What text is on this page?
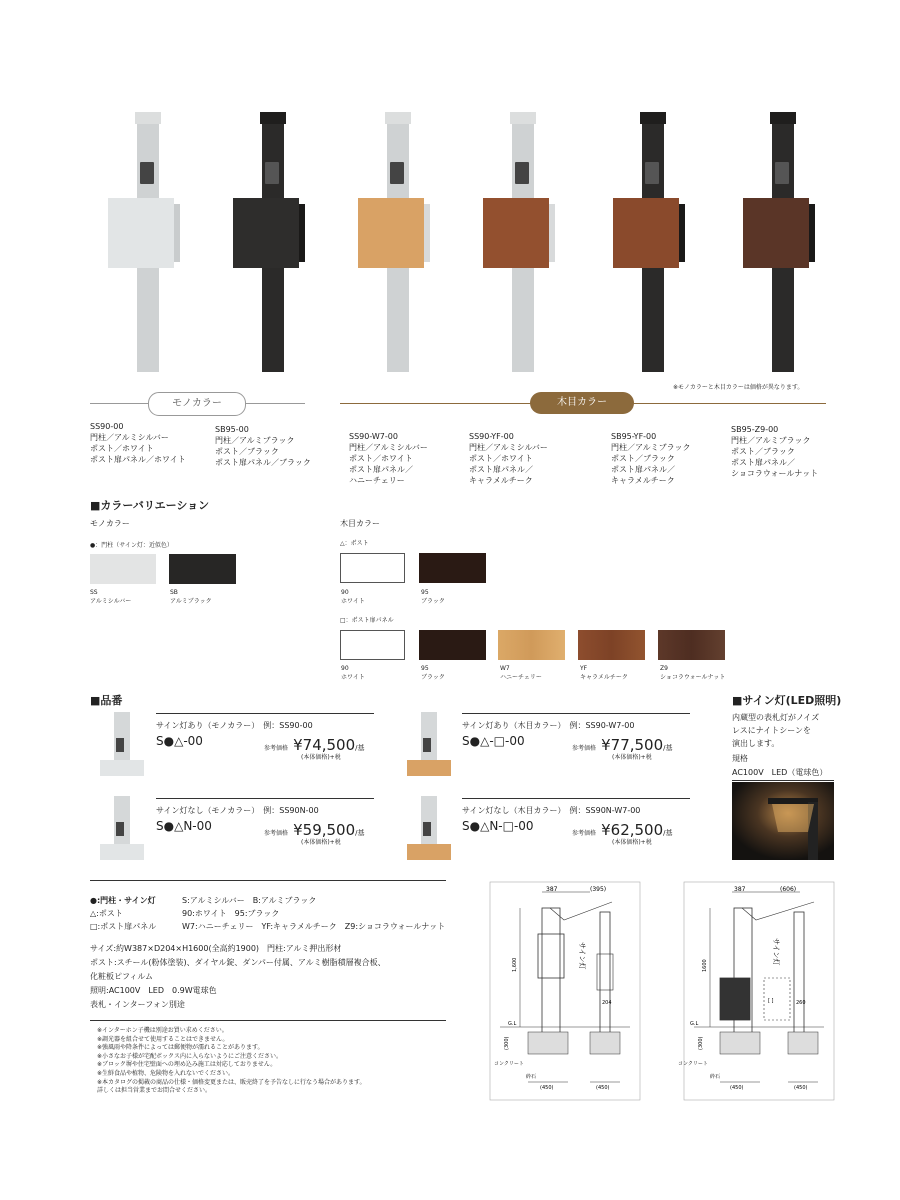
※モノカラーと木目カラーは価格が異なります。
モノカラー	木目カラー
SS90-00
門柱／アルミシルバー
ポスト／ホワイト
ポスト扉パネル／ホワイト
SB95-00
門柱／アルミブラック
ポスト／ブラック
ポスト扉パネル／ブラック
SS90-W7-00
門柱／アルミシルバー
ポスト／ホワイト
ポスト扉パネル／
ハニーチェリー
SS90-YF-00
門柱／アルミシルバー
ポスト／ホワイト
ポスト扉パネル／
キャラメルチーク
SB95-YF-00
門柱／アルミブラック
ポスト／ブラック
ポスト扉パネル／
キャラメルチーク
SB95-Z9-00
門柱／アルミブラック
ポスト／ブラック
ポスト扉パネル／
ショコラウォールナット
■カラーバリエーション
モノカラー	木目カラー
●：門柱（サイン灯：近似色）
SS
アルミシルバー
SB
アルミブラック
△：ポスト
90
ホワイト
95
ブラック
□：ポスト扉パネル
90
ホワイト
95
ブラック
W7
ハニーチェリー
YF
キャラメルチーク
Z9
ショコラウォールナット
■品番
サイン灯あり（モノカラー）　 例：SS90-00
S●△-00
参考価格 ¥74,500/基
(本体価格)+税
サイン灯あり（木目カラー）　 例：SS90-W7-00
S●△-□-00
参考価格 ¥77,500/基
(本体価格)+税
サイン灯なし（モノカラー）　 例：SS90N-00
S●△N-00
参考価格 ¥59,500/基
(本体価格)+税
サイン灯なし（木目カラー）　 例：SS90N-W7-00
S●△N-□-00
参考価格 ¥62,500/基
(本体価格)+税
■サイン灯(LED照明)
内蔵型の表札灯がノイズ
レスにナイトシーンを
演出します。
規格
AC100V　LED（電球色）
●:門柱・サイン灯	S:アルミシルバー　B:アルミブラック
△:ポスト	90:ホワイト　95:ブラック
□:ポスト扉パネル	W7:ハニーチェリー　YF:キャラメルチーク　Z9:ショコラウォールナット
サイズ:約W387×D204×H1600(全高約1900)　門柱:アルミ押出形材
ポスト:スチール(粉体塗装)、ダイヤル錠、ダンパー付属、アルミ樹脂積層複合板、
化粧板ピフィルム
照明:AC100V　LED　0.9W電球色
表札・インターフォン別途
※インターホン子機は別途お買い求めください。
※調光器を組合せて使用することはできません。
※強風雨や降条件によっては郵便物が濡れることがあります。
※小さなお子様が宅配ボックス内に入らないようにご注意ください。
※ブロック塀や住宅壁面への埋め込み施工は対応しておりません。
※生鮮食品や植物、危険物を入れないでください。
※本カタログの掲載の商品の仕様・価格変更または、販売終了を予告なしに行なう場合があります。
詳しくは担当営業までお問合せください。
387	(395)
サイン灯
1,600
204
G.L
(300)
コンクリート
砕石
(450)	(450)
387	(606)
[ ]
サイン灯
1600
260
G.L
(300)
コンクリート
砕石
(450)	(450)
